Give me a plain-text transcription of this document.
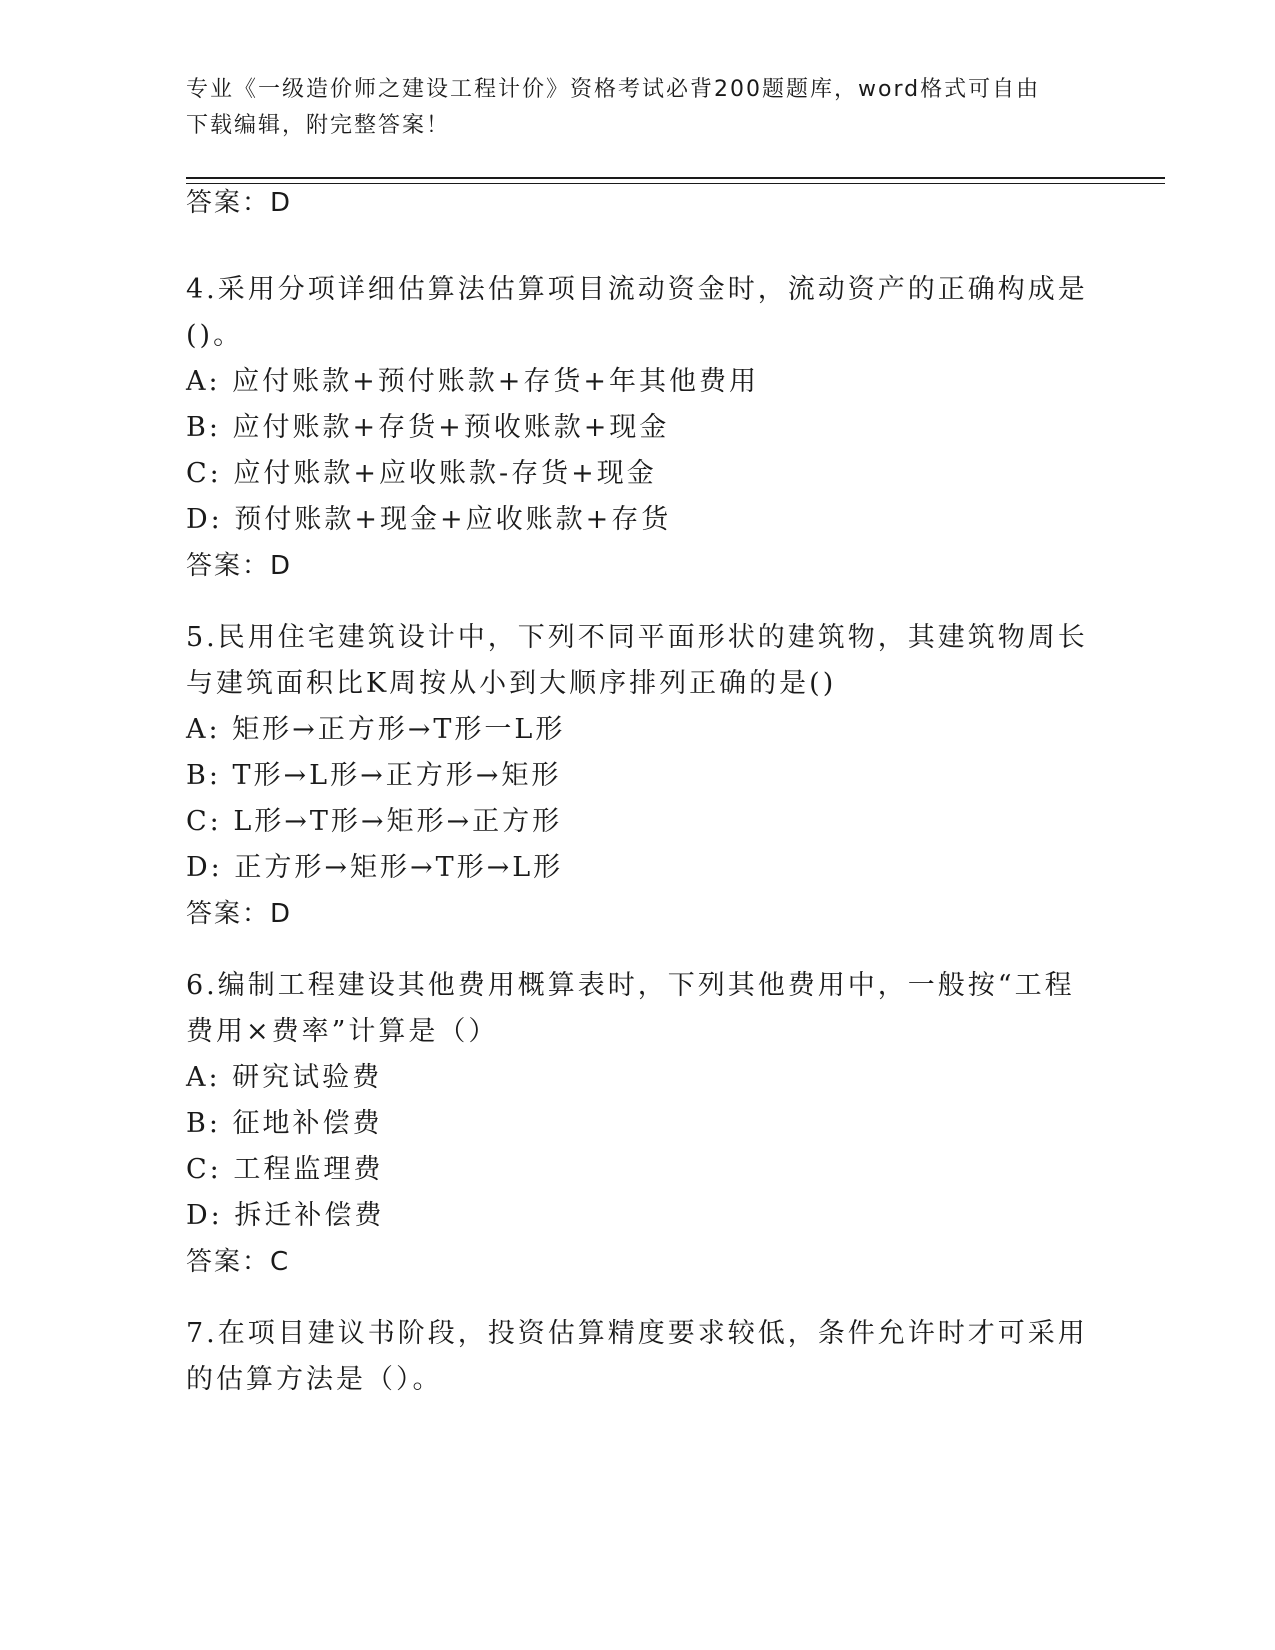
专业《一级造价师之建设工程计价》资格考试必背200题题库，word格式可自由
下载编辑，附完整答案！
答案：D
4.采用分项详细估算法估算项目流动资金时，流动资产的正确构成是
()。
A: 应付账款+预付账款+存货+年其他费用
B: 应付账款+存货+预收账款+现金
C: 应付账款+应收账款-存货+现金
D: 预付账款+现金+应收账款+存货
答案：D
5.民用住宅建筑设计中，下列不同平面形状的建筑物，其建筑物周长
与建筑面积比K周按从小到大顺序排列正确的是()
A: 矩形→正方形→T形一L形
B: T形→L形→正方形→矩形
C: L形→T形→矩形→正方形
D: 正方形→矩形→T形→L形
答案：D
6.编制工程建设其他费用概算表时，下列其他费用中，一般按“工程
费用×费率”计算是（）
A: 研究试验费
B: 征地补偿费
C: 工程监理费
D: 拆迁补偿费
答案：C
7.在项目建议书阶段，投资估算精度要求较低，条件允许时才可采用
的估算方法是（）。
